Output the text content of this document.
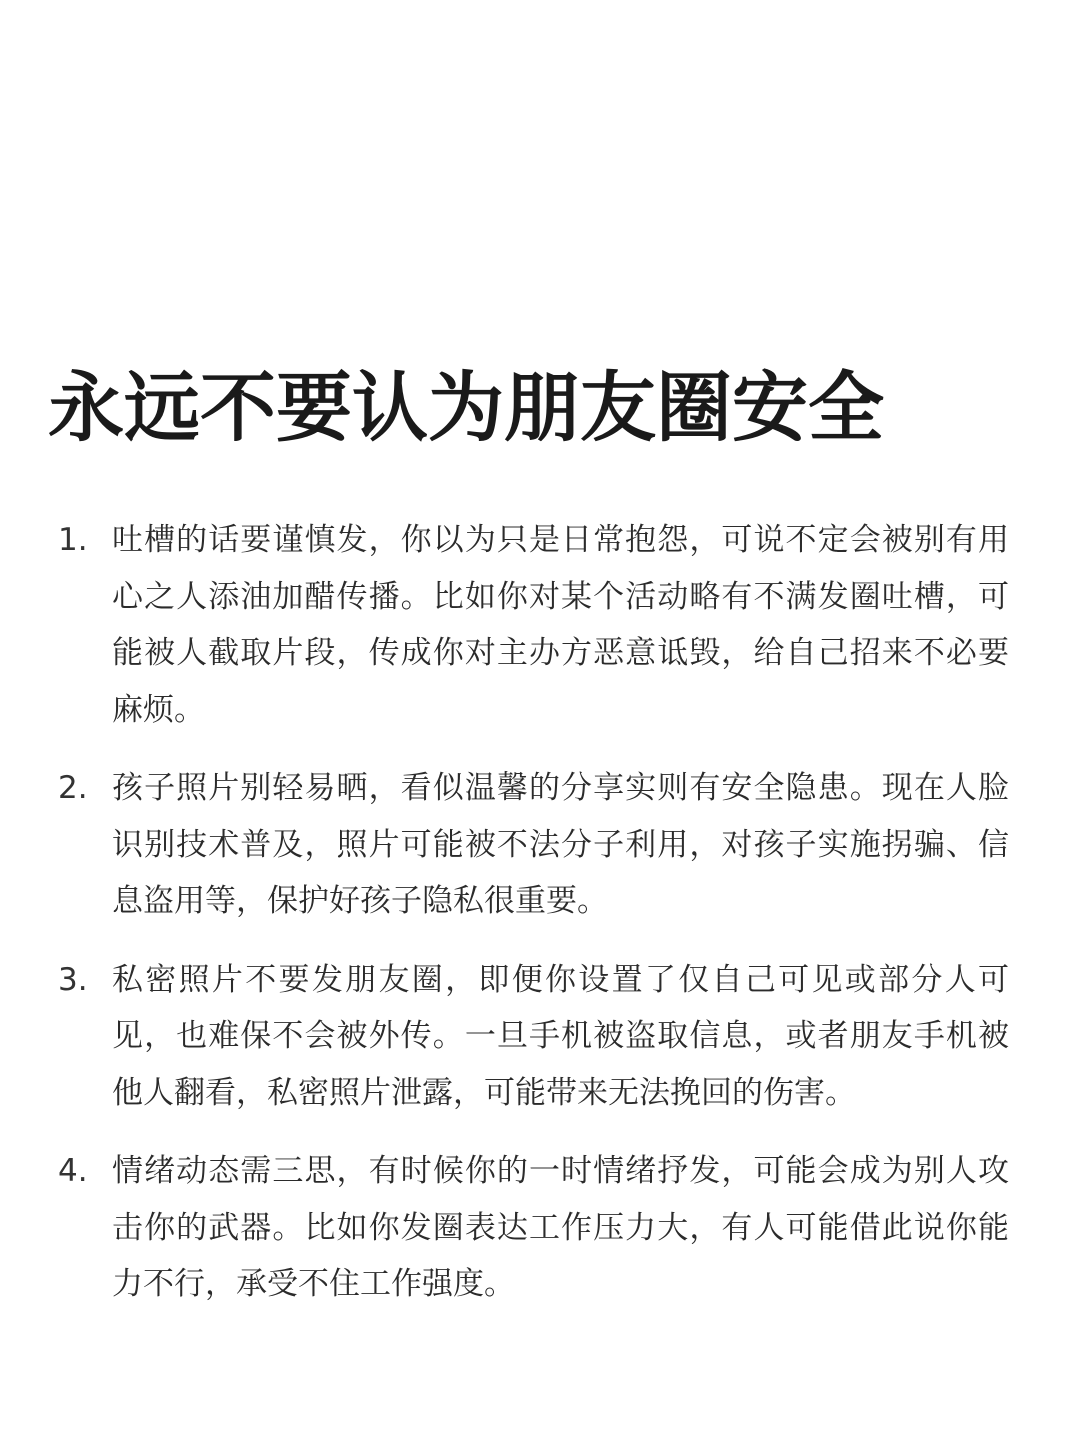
永远不要认为朋友圈安全
1. 吐槽的话要谨慎发，你以为只是日常抱怨，可说不定会被别有用心之人添油加醋传播。比如你对某个活动略有不满发圈吐槽，可能被人截取片段，传成你对主办方恶意诋毁，给自己招来不必要麻烦。
2. 孩子照片别轻易晒，看似温馨的分享实则有安全隐患。现在人脸识别技术普及，照片可能被不法分子利用，对孩子实施拐骗、信息盗用等，保护好孩子隐私很重要。
3. 私密照片不要发朋友圈，即便你设置了仅自己可见或部分人可见，也难保不会被外传。一旦手机被盗取信息，或者朋友手机被他人翻看，私密照片泄露，可能带来无法挽回的伤害。
4. 情绪动态需三思，有时候你的一时情绪抒发，可能会成为别人攻击你的武器。比如你发圈表达工作压力大，有人可能借此说你能力不行，承受不住工作强度。
